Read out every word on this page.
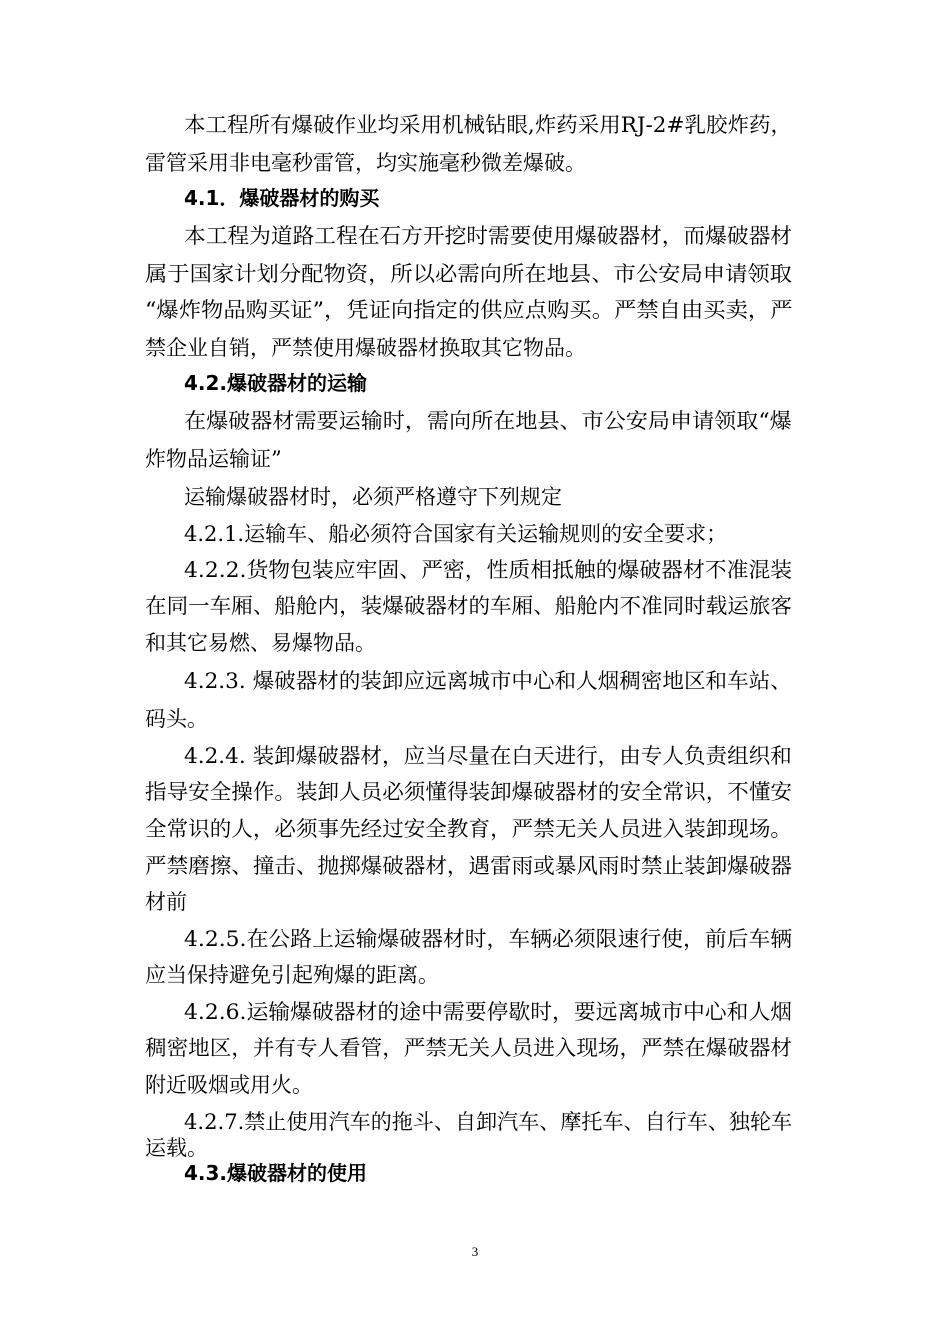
本工程所有爆破作业均采用机械钻眼,炸药采用RJ-2#乳胶炸药，
雷管采用非电毫秒雷管，均实施毫秒微差爆破。
4.1．爆破器材的购买
本工程为道路工程在石方开挖时需要使用爆破器材，而爆破器材
属于国家计划分配物资，所以必需向所在地县、市公安局申请领取
“爆炸物品购买证”，凭证向指定的供应点购买。严禁自由买卖，严
禁企业自销，严禁使用爆破器材换取其它物品。
4.2.爆破器材的运输
在爆破器材需要运输时，需向所在地县、市公安局申请领取“爆
炸物品运输证”
运输爆破器材时，必须严格遵守下列规定
4.2.1.运输车、船必须符合国家有关运输规则的安全要求；
4.2.2.货物包装应牢固、严密，性质相抵触的爆破器材不准混装
在同一车厢、船舱内，装爆破器材的车厢、船舱内不准同时载运旅客
和其它易燃、易爆物品。
4.2.3. 爆破器材的装卸应远离城市中心和人烟稠密地区和车站、
码头。
4.2.4. 装卸爆破器材，应当尽量在白天进行，由专人负责组织和
指导安全操作。装卸人员必须懂得装卸爆破器材的安全常识，不懂安
全常识的人，必须事先经过安全教育，严禁无关人员进入装卸现场。
严禁磨擦、撞击、抛掷爆破器材，遇雷雨或暴风雨时禁止装卸爆破器
材前
4.2.5.在公路上运输爆破器材时，车辆必须限速行使，前后车辆
应当保持避免引起殉爆的距离。
4.2.6.运输爆破器材的途中需要停歇时，要远离城市中心和人烟
稠密地区，并有专人看管，严禁无关人员进入现场，严禁在爆破器材
附近吸烟或用火。
4.2.7.禁止使用汽车的拖斗、自卸汽车、摩托车、自行车、独轮车
运载。
4.3.爆破器材的使用
3
